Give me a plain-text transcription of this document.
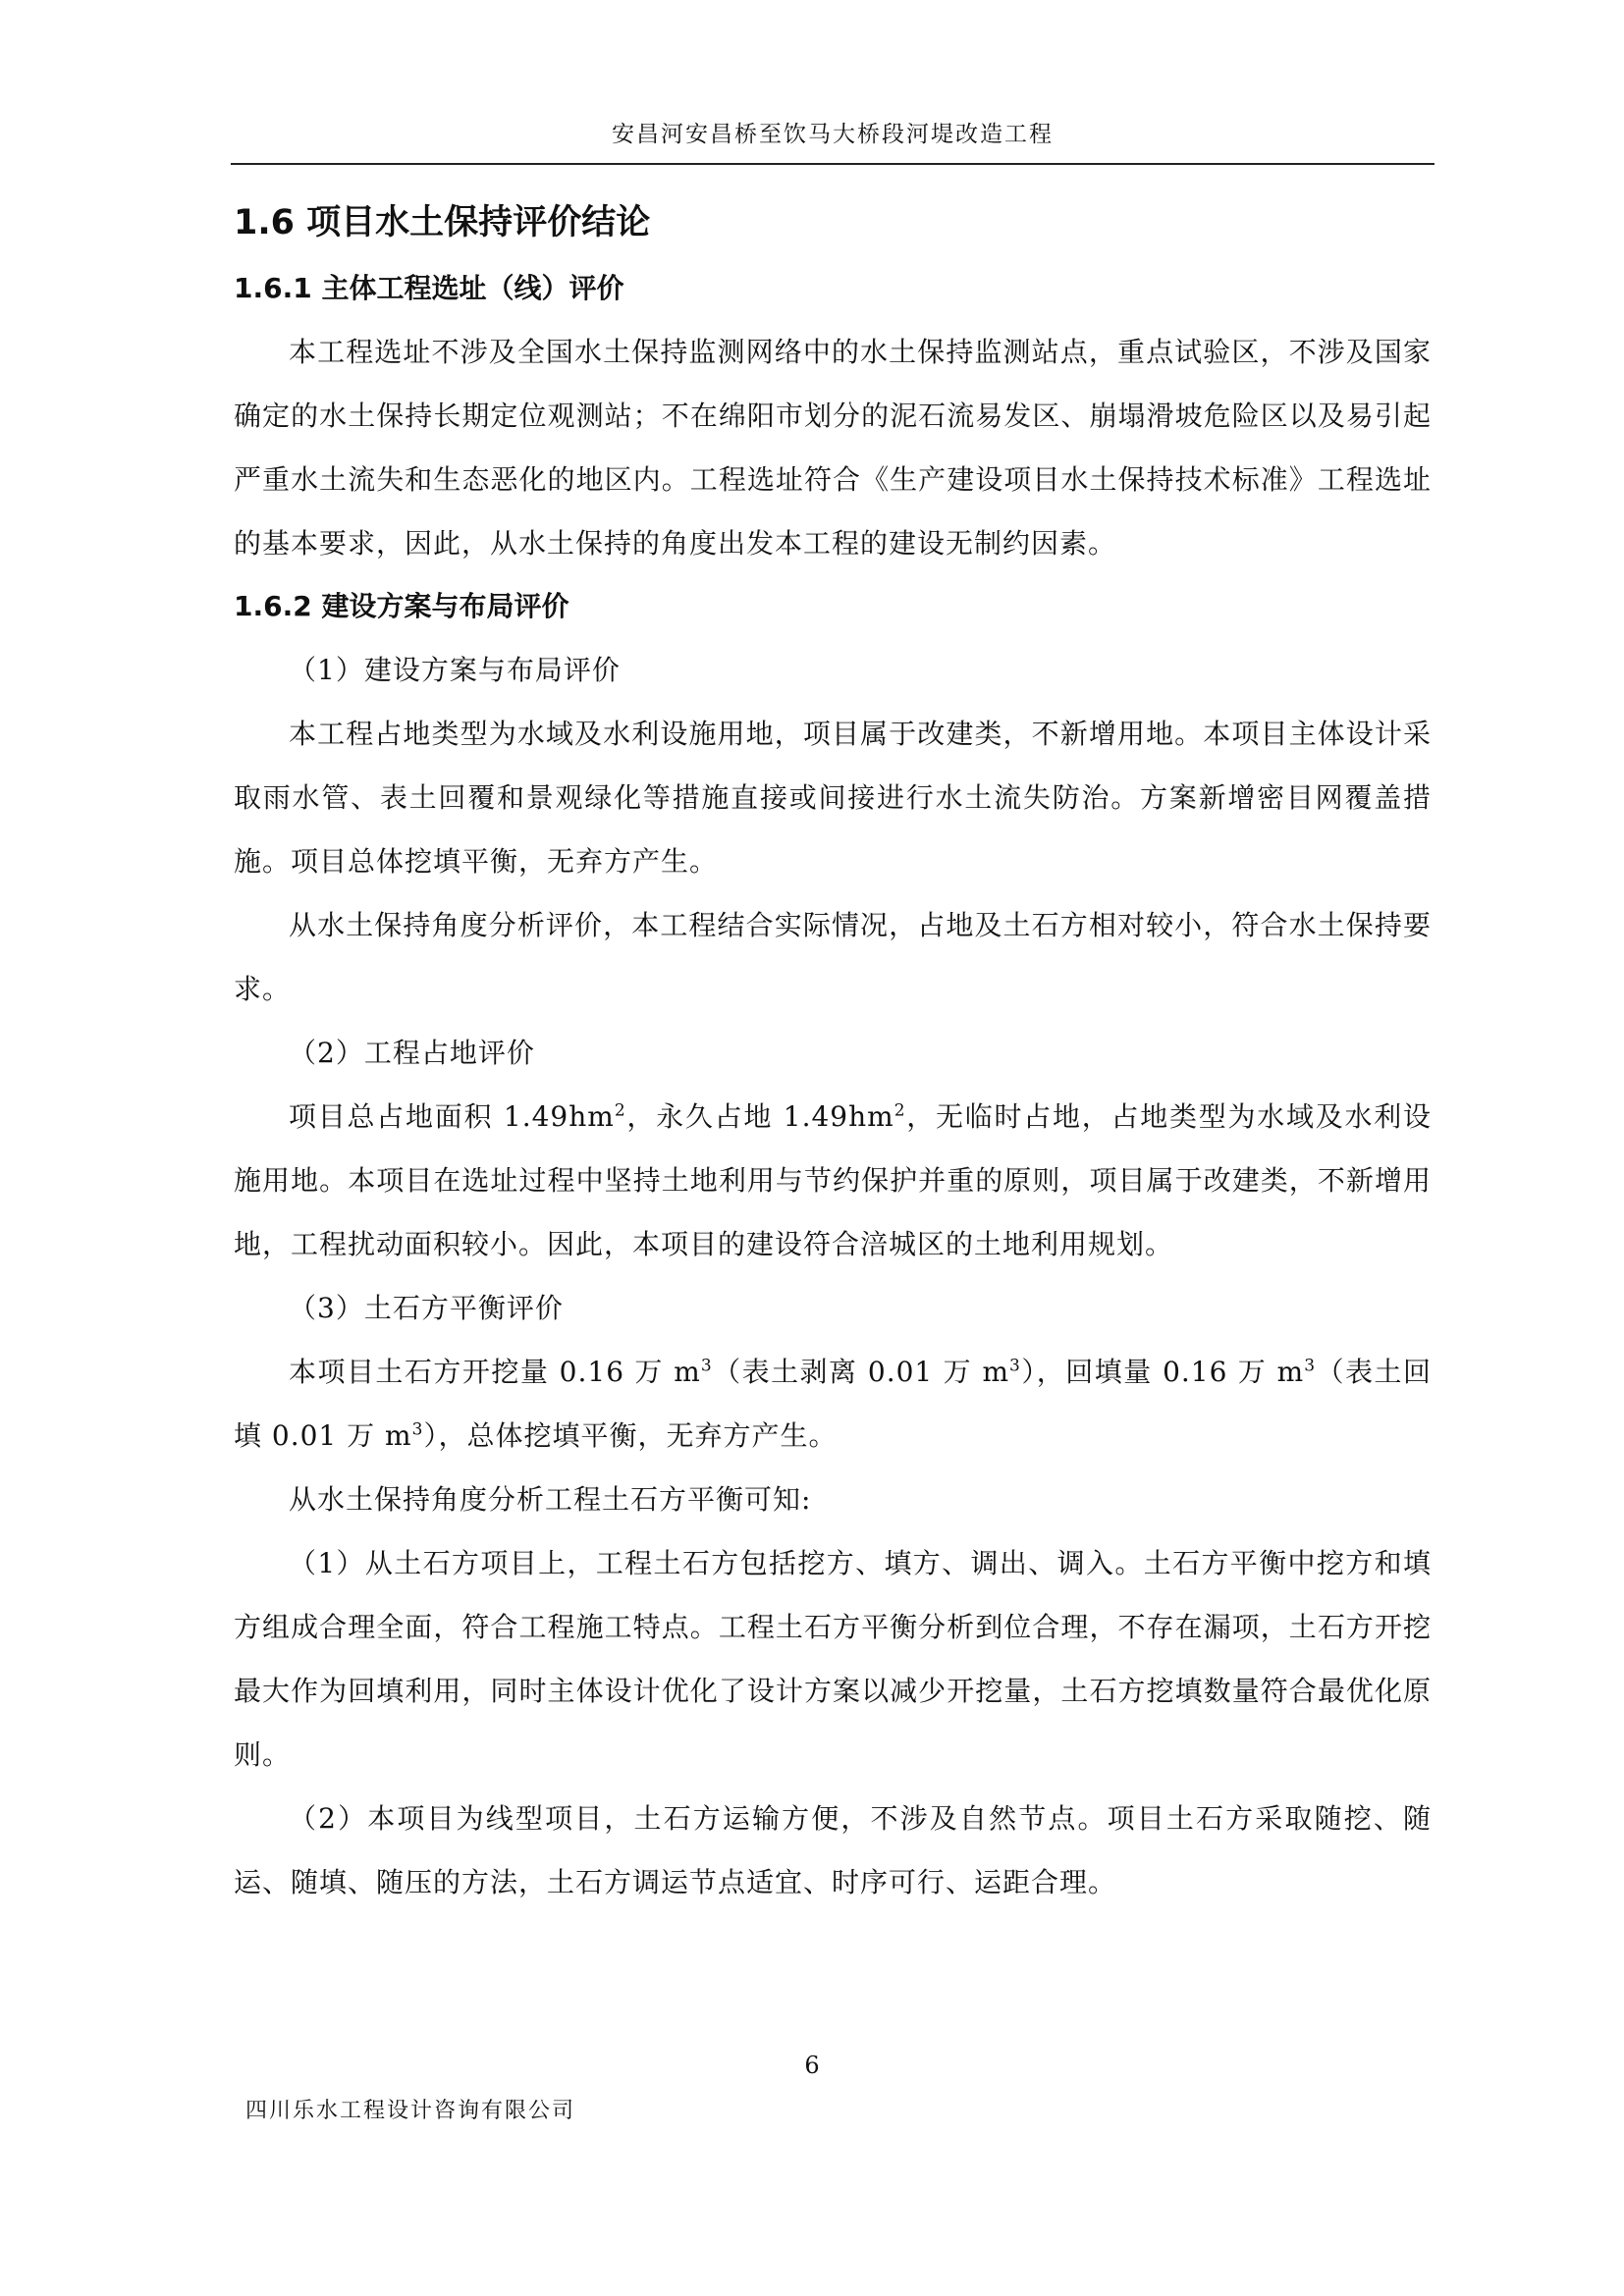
安昌河安昌桥至饮马大桥段河堤改造工程
1.6 项目水土保持评价结论
1.6.1 主体工程选址（线）评价

本工程选址不涉及全国水土保持监测网络中的水土保持监测站点，重点试验区，不涉及国家确定的水土保持长期定位观测站；不在绵阳市划分的泥石流易发区、崩塌滑坡危险区以及易引起严重水土流失和生态恶化的地区内。工程选址符合《生产建设项目水土保持技术标准》工程选址的基本要求，因此，从水土保持的角度出发本工程的建设无制约因素。

1.6.2 建设方案与布局评价

（1）建设方案与布局评价

本工程占地类型为水域及水利设施用地，项目属于改建类，不新增用地。本项目主体设计采取雨水管、表土回覆和景观绿化等措施直接或间接进行水土流失防治。方案新增密目网覆盖措施。项目总体挖填平衡，无弃方产生。

从水土保持角度分析评价，本工程结合实际情况，占地及土石方相对较小，符合水土保持要求。

（2）工程占地评价

项目总占地面积 $1.49hm^2$，永久占地 $1.49hm^2$，无临时占地，占地类型为水域及水利设施用地。本项目在选址过程中坚持土地利用与节约保护并重的原则，项目属于改建类，不新增用地，工程扰动面积较小。因此，本项目的建设符合涪城区的土地利用规划。

（3）土石方平衡评价

本项目土石方开挖量 0.16 万 $m^3$（表土剥离 0.01 万 $m^3$），回填量 0.16 万 $m^3$（表土回填 0.01 万 $m^3$），总体挖填平衡，无弃方产生。

从水土保持角度分析工程土石方平衡可知:

（1）从土石方项目上，工程土石方包括挖方、填方、调出、调入。土石方平衡中挖方和填方组成合理全面，符合工程施工特点。工程土石方平衡分析到位合理，不存在漏项，土石方开挖最大作为回填利用，同时主体设计优化了设计方案以减少开挖量，土石方挖填数量符合最优化原则。

（2）本项目为线型项目，土石方运输方便，不涉及自然节点。项目土石方采取随挖、随运、随填、随压的方法，土石方调运节点适宜、时序可行、运距合理。

6
四川乐水工程设计咨询有限公司
